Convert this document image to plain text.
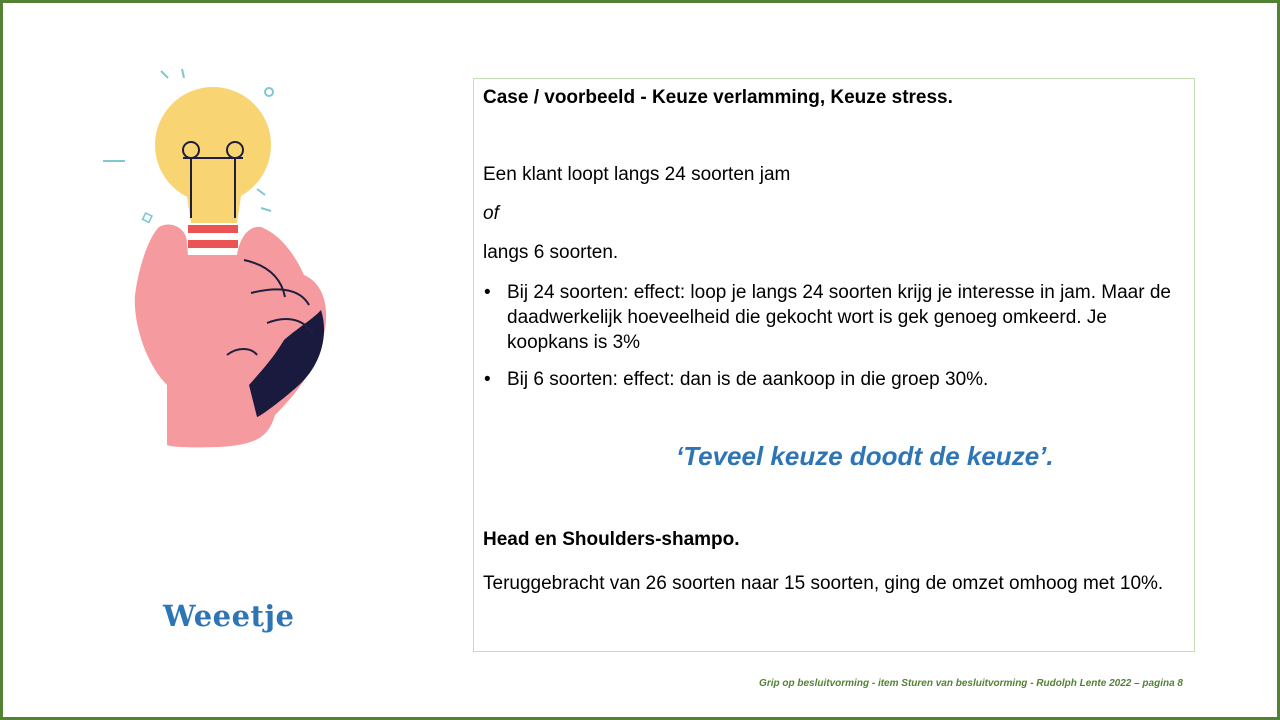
Weeetje

Case / voorbeeld - Keuze verlamming, Keuze stress.

Een klant loopt langs 24 soorten jam

of

langs 6 soorten.

• Bij 24 soorten: effect: loop je langs 24 soorten krijg je interesse in jam. Maar de daadwerkelijk hoeveelheid die gekocht wort is gek genoeg omkeerd. Je koopkans is 3%
• Bij 6 soorten: effect: dan is de aankoop in die groep 30%.

‘Teveel keuze doodt de keuze’.

Head en Shoulders-shampo.

Teruggebracht van 26 soorten naar 15 soorten, ging de omzet omhoog met 10%.

Grip op besluitvorming - item Sturen van besluitvorming - Rudolph Lente 2022 – pagina 8
